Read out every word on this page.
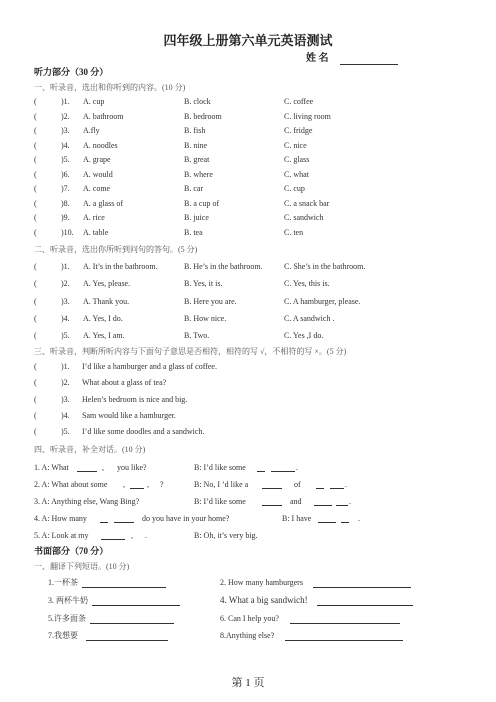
四年级上册第六单元英语测试
姓 名
听力部分（30 分）
一、听录音，选出和你听到的内容。(10 分)
(	)1. A. cup	B. clock	C. coffee
(	)2. A. bathroom	B. bedroom	C. living room
(	)3. A.fly	B. fish	C. fridge
(	)4. A. noodles	B. nine	C. nice
(	)5. A. grape	B. great	C. glass
(	)6. A. would	B. where	C. what
(	)7. A. come	B. car	C. cup
(	)8. A. a glass of	B. a cup of	C. a snack bar
(	)9. A. rice	B. juice	C. sandwich
(	)10. A. table	B. tea	C. ten
二、听录音，选出你所听到问句的答句。(5 分)
(	)1. A. It’s in the bathroom.	B. He’s in the bathroom.	C. She’s in the bathroom.
(	)2. A. Yes, please.	B. Yes, it is.	C. Yes, this is.
(	)3. A. Thank you.	B. Here you are.	C. A hamburger, please.
(	)4. A. Yes, I do.	B. How nice.	C. A sandwich .
(	)5. A. Yes, I am.	B. Two.	C. Yes ,I do.
三、听录音，判断所听内容与下面句子意思是否相符，相符的写 √，不相符的写 ×。(5 分)
(	)1. I’d like a hamburger and a glass of coffee.
(	)2. What about a glass of tea?
(	)3. Helen’s bedroom is nice and big.
(	)4. Sam would like a hamburger.
(	)5. I’d like some doodles and a sandwich.
四、听录音，补全对话。(10 分)
1. A: What	, you like?	B: I’d like some	.
2. A: What about some ,	, ?	B: No, I ’d like a	of	.
3. A: Anything else, Wang Bing?	B: I’d like some	and	.
4. A: How many	do you have in your home?	B: I have	.
5. A: Look at my	, .	B: Oh, it’s very big.
书面部分（70 分）
一、翻译下列短语。(10 分)
1.一杯茶	2. How many hamburgers
3. 两杯牛奶	4. What a big sandwich!
5.许多面条	6. Can I help you?
7.我想要	8.Anything else?
第 1 页
